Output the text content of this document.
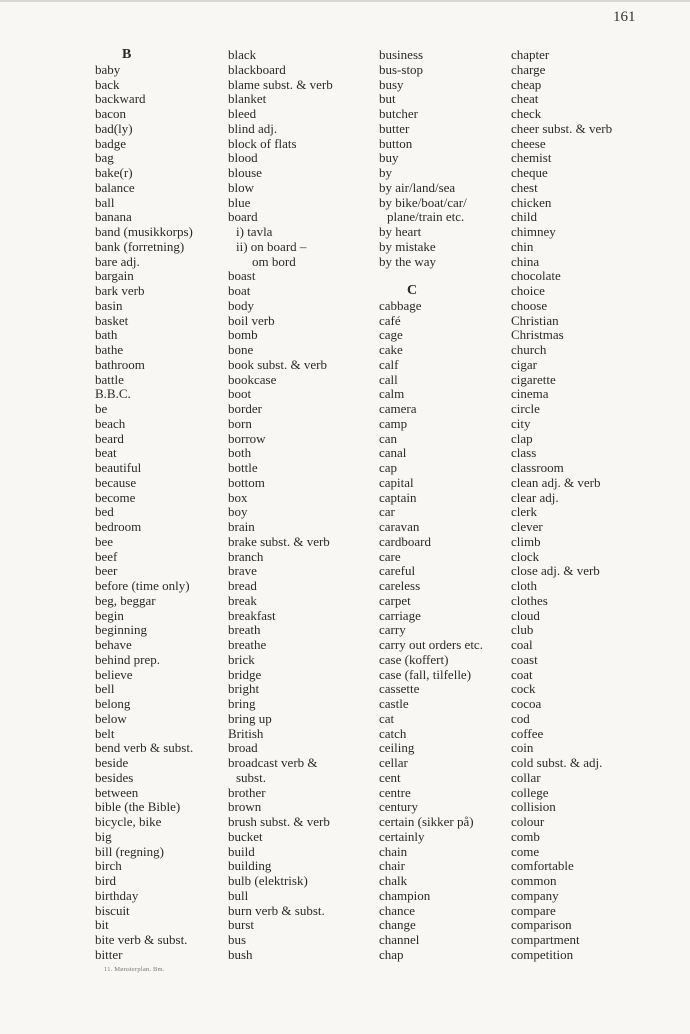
161
B
baby
back
backward
bacon
bad(ly)
badge
bag
bake(r)
balance
ball
banana
band (musikkorps)
bank (forretning)
bare adj.
bargain
bark verb
basin
basket
bath
bathe
bathroom
battle
B.B.C.
be
beach
beard
beat
beautiful
because
become
bed
bedroom
bee
beef
beer
before (time only)
beg, beggar
begin
beginning
behave
behind prep.
believe
bell
belong
below
belt
bend verb & subst.
beside
besides
between
bible (the Bible)
bicycle, bike
big
bill (regning)
birch
bird
birthday
biscuit
bit
bite verb & subst.
bitter
black
blackboard
blame subst. & verb
blanket
bleed
blind adj.
block of flats
blood
blouse
blow
blue
board
i) tavla
ii) on board –
om bord
boast
boat
body
boil verb
bomb
bone
book subst. & verb
bookcase
boot
border
born
borrow
both
bottle
bottom
box
boy
brain
brake subst. & verb
branch
brave
bread
break
breakfast
breath
breathe
brick
bridge
bright
bring
bring up
British
broad
broadcast verb &
subst.
brother
brown
brush subst. & verb
bucket
build
building
bulb (elektrisk)
bull
burn verb & subst.
burst
bus
bush
business
bus-stop
busy
but
butcher
butter
button
buy
by
by air/land/sea
by bike/boat/car/
plane/train etc.
by heart
by mistake
by the way
C
cabbage
café
cage
cake
calf
call
calm
camera
camp
can
canal
cap
capital
captain
car
caravan
cardboard
care
careful
careless
carpet
carriage
carry
carry out orders etc.
case (koffert)
case (fall, tilfelle)
cassette
castle
cat
catch
ceiling
cellar
cent
centre
century
certain (sikker på)
certainly
chain
chair
chalk
champion
chance
change
channel
chap
chapter
charge
cheap
cheat
check
cheer subst. & verb
cheese
chemist
cheque
chest
chicken
child
chimney
chin
china
chocolate
choice
choose
Christian
Christmas
church
cigar
cigarette
cinema
circle
city
clap
class
classroom
clean adj. & verb
clear adj.
clerk
clever
climb
clock
close adj. & verb
cloth
clothes
cloud
club
coal
coast
coat
cock
cocoa
cod
coffee
coin
cold subst. & adj.
collar
college
collision
colour
comb
come
comfortable
common
company
compare
comparison
compartment
competition
11. Mønsterplan. Bm.
